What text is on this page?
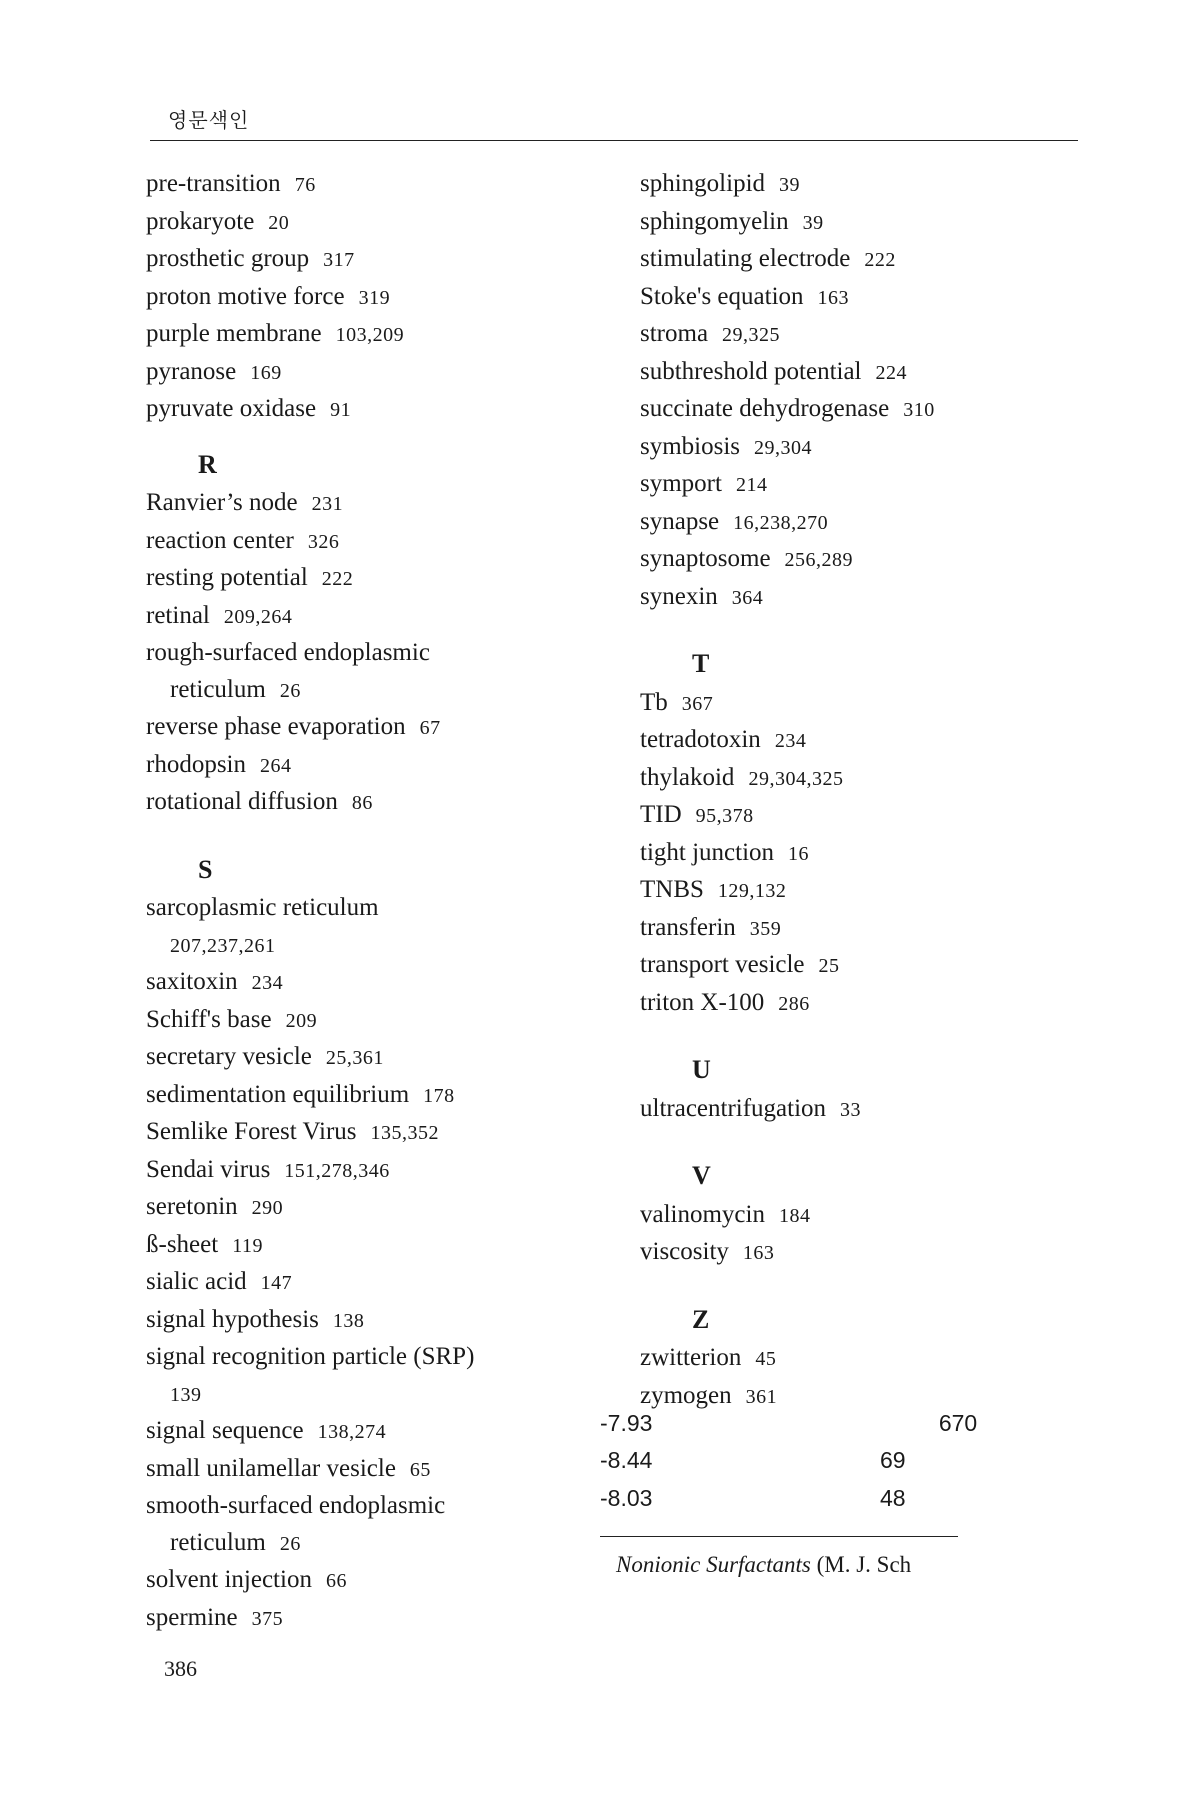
영문색인
pre-transition 76
prokaryote 20
prosthetic group 317
proton motive force 319
purple membrane 103,209
pyranose 169
pyruvate oxidase 91
R
Ranvier’s node 231
reaction center 326
resting potential 222
retinal 209,264
rough-surfaced endoplasmic
reticulum 26
reverse phase evaporation 67
rhodopsin 264
rotational diffusion 86
S
sarcoplasmic reticulum
207,237,261
saxitoxin 234
Schiff's base 209
secretary vesicle 25,361
sedimentation equilibrium 178
Semlike Forest Virus 135,352
Sendai virus 151,278,346
seretonin 290
ß-sheet 119
sialic acid 147
signal hypothesis 138
signal recognition particle (SRP)
139
signal sequence 138,274
small unilamellar vesicle 65
smooth-surfaced endoplasmic
reticulum 26
solvent injection 66
spermine 375
sphingolipid 39
sphingomyelin 39
stimulating electrode 222
Stoke's equation 163
stroma 29,325
subthreshold potential 224
succinate dehydrogenase 310
symbiosis 29,304
symport 214
synapse 16,238,270
synaptosome 256,289
synexin 364
T
Tb 367
tetradotoxin 234
thylakoid 29,304,325
TID 95,378
tight junction 16
TNBS 129,132
transferin 359
transport vesicle 25
triton X-100 286
U
ultracentrifugation 33
V
valinomycin 184
viscosity 163
Z
zwitterion 45
zymogen 361
-7.93	670
-8.44	69
-8.03	48
Nonionic Surfactants (M. J. Sch
386
